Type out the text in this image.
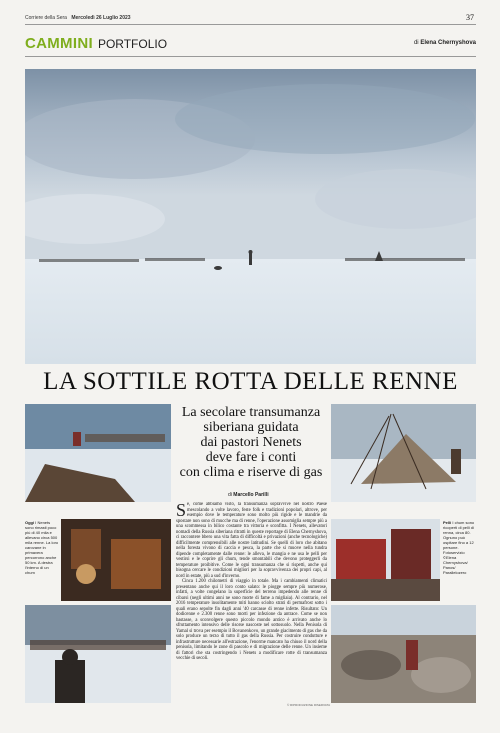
Corriere della Sera Mercoledì 26 Luglio 2023	37
CAMMINI PORTFOLIO	di Elena Chernyshova
LA SOTTILE ROTTA DELLE RENNE
La secolare transumanza
siberiana guidata
dai pastori Nenets
deve fare i conti
con clima e riserve di gas
di Marcello Parilli
Oggi I Nenets sono rimasti poco più di 40 mila e allevano circa 500 mila renne. La loro carovane in primavera percorrono anche 50 km. A destra l'interno di un chum

Se, come abbiamo visto, la transumanza sopravvive nel nostro Paese mescolando a volte lavoro, feste folk e tradizioni popolari, altrove, per esempio dove le temperature sono molto più rigide e le mandrie da spostare non sono di mucche ma di renne, l'operazione assomiglia sempre più a una scommessa in bilico costante tra vittoria e sconfitta. I Nenets, allevatori nomadi della Russia siberiana ritratti in queste reportage di Elena Chernyshova, ci raccontere bbero una vita fatta di difficoltà e privazioni (anche tecnologiche) difficilmente comprensibili alle nostre latitudini. Se quelli di loro che abitano nella foresta vivono di caccia e pesca, la parte che si muove nella tundra dipende completamente dalle renne: le alleva, le mangia e ne usa le pelli per vestirsi e le coprire gli chum, tende smontabili che devono proteggerli da temperature proibitive. Come le ogni transumanza che si rispetti, anche qui bisogna cercare le condizioni migliori per la sopravvivenza dei propri capi, al nord in estate, più a sud d'inverno.

Cinca 1.200 chilometri di viaggio in totale. Ma i cambiamenti climatici presentano anche qui il loro conto salato: le piogge sempre più numerose, infatti, a volte congelano la superficie del terreno impedendo alle renne di cibarsi (negli ultimi anni ne sono morte di fame a migliaia). Al contrario, nel 2016 temperature insolitamente miti hanno sciolto strati di permafrost sotto i quali erano sepolte fin dagli anni '40 carcasse di renne infette. Risultato: Un dodicenne e 2.300 renne sono morti per infezione da antrace. Come se non bastasse, a sconvolgere questo piccolo mondo antico è arrivato anche lo sfruttamento intensivo delle risorse nascoste nel sottosuolo. Nella Penisola di Yamal si trova per esempio il Bovanenkovo, un grande giacimento di gas che da solo produce un terzo di tutto il gas della Russia. Per costruire condutture e infrastrutture necessarie all'estrazione, l'enorme mancato ha chiuso il nord della penisola, limitando le zone di pascolo e di migrazione delle renne. Un insieme di fattori che sta costringendo i Nenets a modificare rotte di transumanza vecchie di secoli.

Pelli I chum sono ricoperti di pelli di renna, circa 80. Ognuno può ospitare fino a 12 persone. Fotoservizio ©Elena Chernyshova/ Panos/ Parallelozero
© RIPRODUZIONE RISERVATA
